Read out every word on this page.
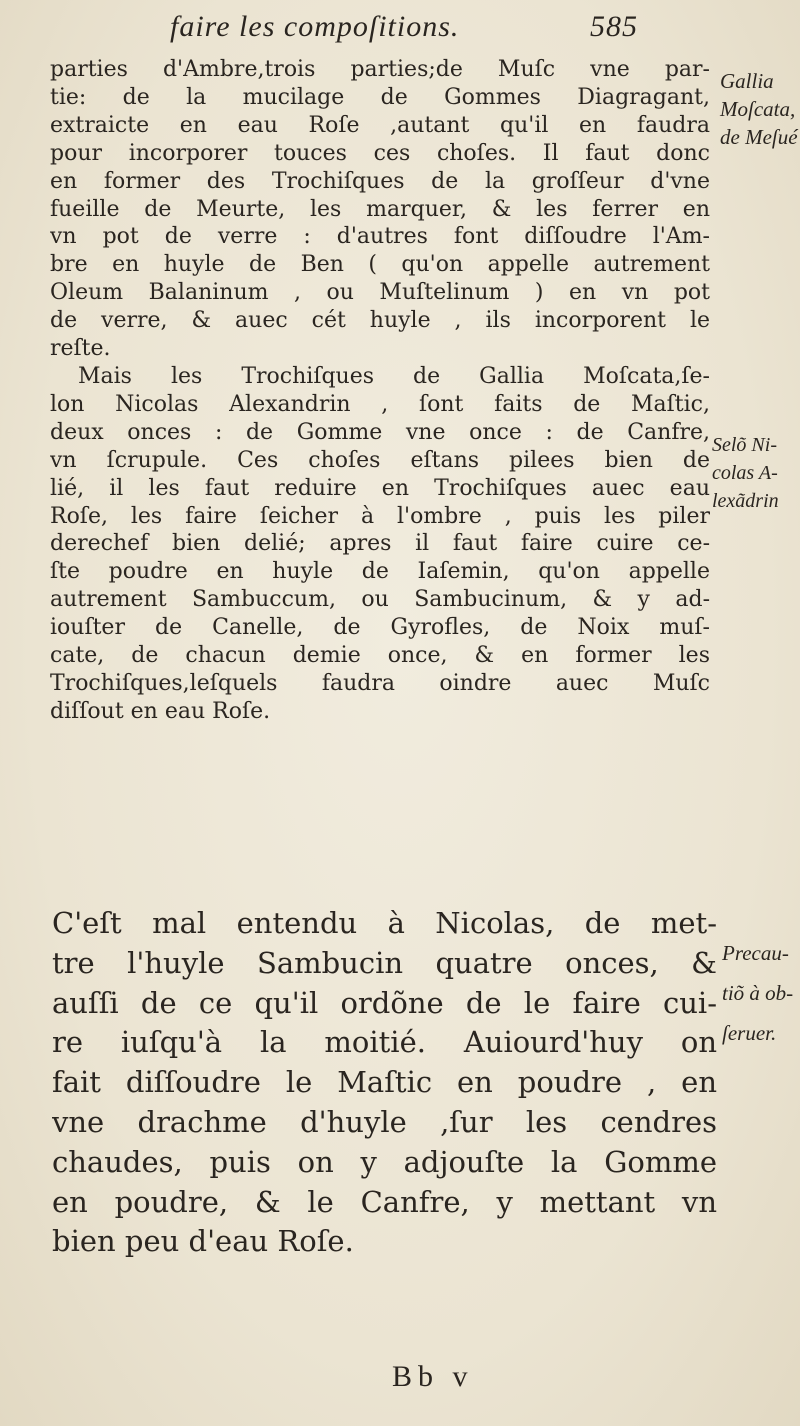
faire les compoſitions.	585
parties d'Ambre,trois parties;de Muſc vne par-
tie: de la mucilage de Gommes Diagragant,
extraicte en eau Roſe ,autant qu'il en faudra
pour incorporer touces ces choſes. Il faut donc
en former des Trochiſques de la groſſeur d'vne
fueille de Meurte, les marquer, & les ferrer en
vn pot de verre : d'autres font diſſoudre l'Am-
bre en huyle de Ben ( qu'on appelle autrement
Oleum Balaninum , ou Muſtelinum ) en vn pot
de verre, & auec cét huyle , ils incorporent le
reſte.
Mais les Trochiſques de Gallia Moſcata,ſe-
lon Nicolas Alexandrin , ſont faits de Maſtic,
deux onces : de Gomme vne once : de Canfre,
vn ſcrupule. Ces choſes eſtans pilees bien de
lié, il les faut reduire en Trochiſques auec eau
Roſe, les faire ſeicher à l'ombre , puis les piler
derechef bien delié; apres il faut faire cuire ce-
ſte poudre en huyle de Iaſemin, qu'on appelle
autrement Sambuccum, ou Sambucinum, & y ad-
iouſter de Canelle, de Gyrofles, de Noix muſ-
cate, de chacun demie once, & en former les
Trochiſques,leſquels faudra oindre auec Muſc
diſſout en eau Roſe.
C'eſt mal entendu à Nicolas, de met-
tre l'huyle Sambucin quatre onces, &
auſſi de ce qu'il ordõne de le faire cui-
re iuſqu'à la moitié. Auiourd'huy on
fait diſſoudre le Maſtic en poudre , en
vne drachme d'huyle ,ſur les cendres
chaudes, puis on y adjouſte la Gomme
en poudre, & le Canfre, y mettant vn
bien peu d'eau Roſe.
Gallia
Moſcata,
de Meſué
Selõ Ni-
colas A-
lexãdrin
Precau-
tiõ à ob-
ſeruer.
Bb v
